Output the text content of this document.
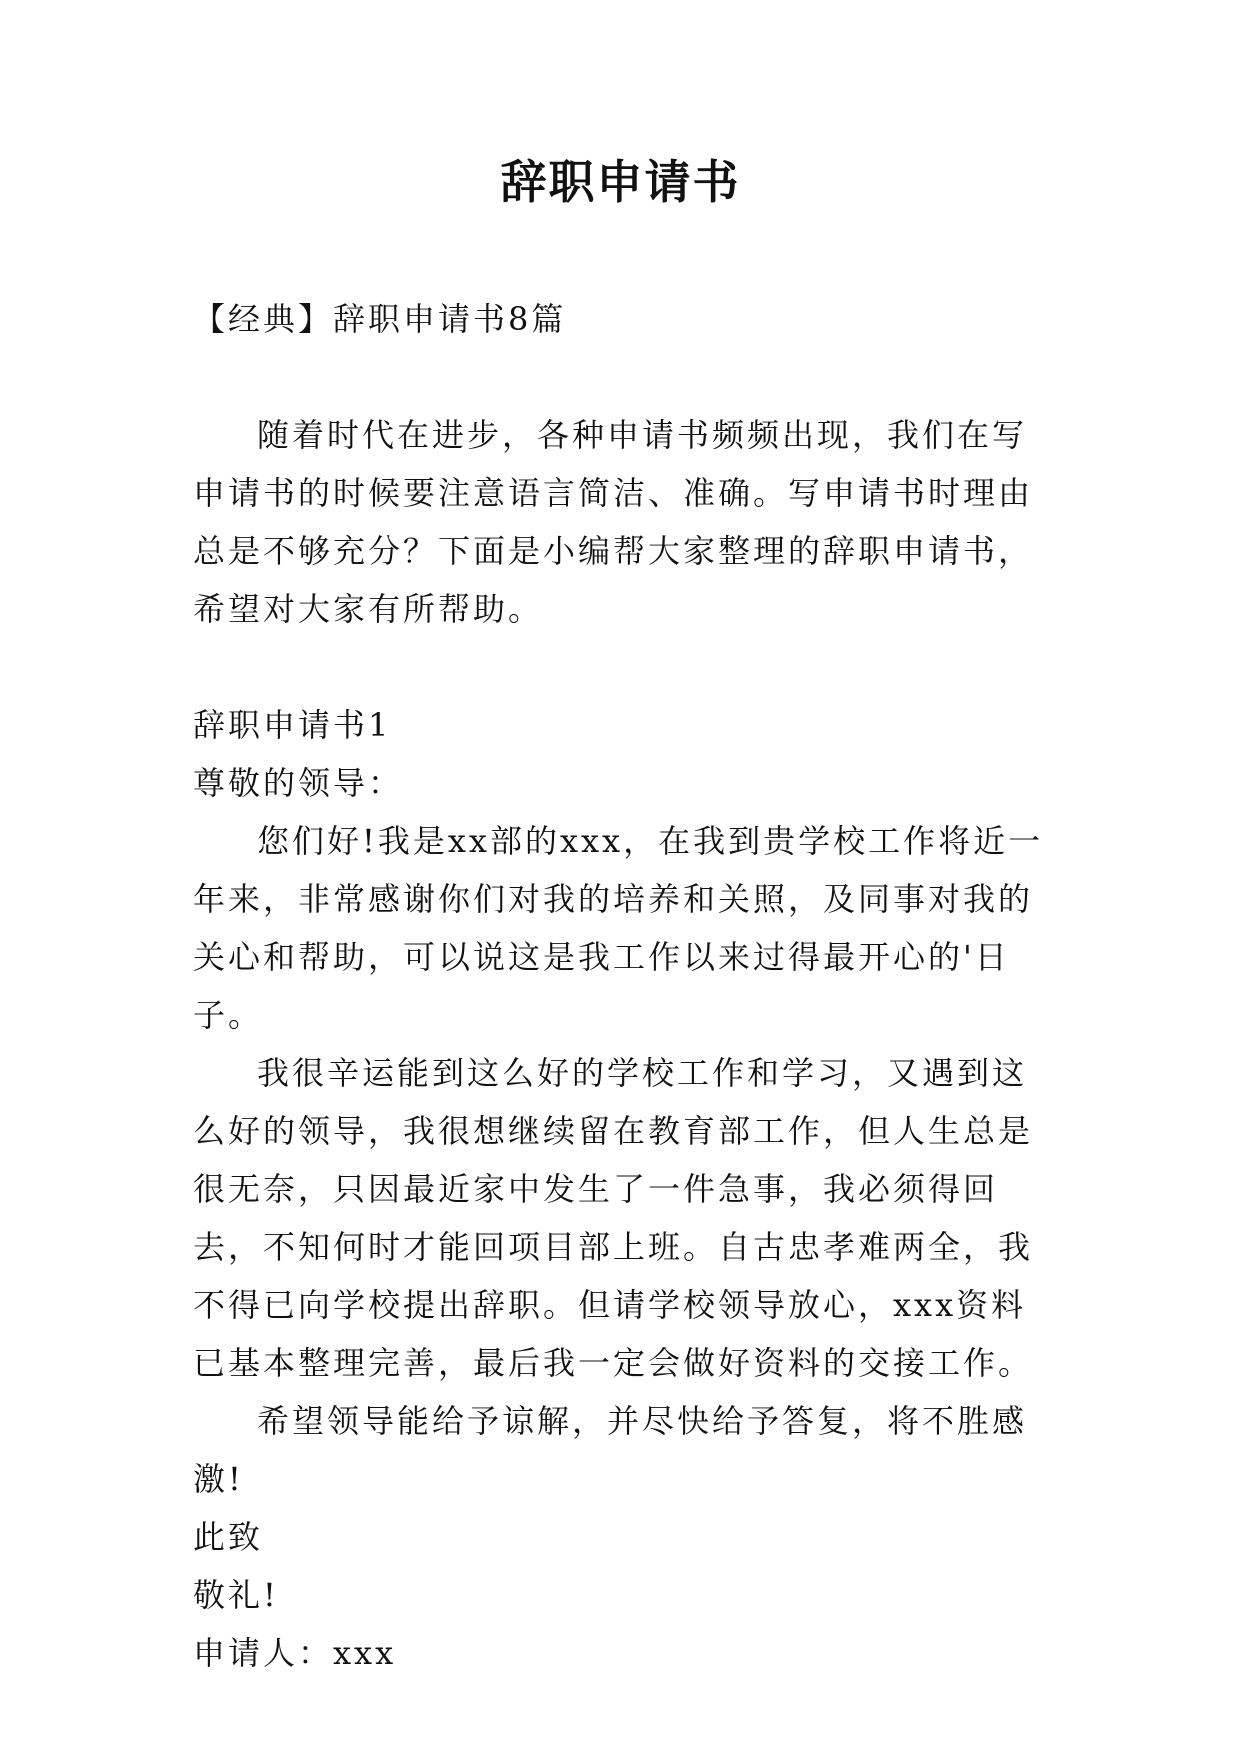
辞职申请书

【经典】辞职申请书8篇

随着时代在进步，各种申请书频频出现，我们在写申请书的时候要注意语言简洁、准确。写申请书时理由总是不够充分？下面是小编帮大家整理的辞职申请书，希望对大家有所帮助。

辞职申请书1

尊敬的领导：

您们好!我是xx部的xxx，在我到贵学校工作将近一年来，非常感谢你们对我的培养和关照，及同事对我的关心和帮助，可以说这是我工作以来过得最开心的'日子。

我很辛运能到这么好的学校工作和学习，又遇到这么好的领导，我很想继续留在教育部工作，但人生总是很无奈，只因最近家中发生了一件急事，我必须得回去，不知何时才能回项目部上班。自古忠孝难两全，我不得已向学校提出辞职。但请学校领导放心，xxx资料已基本整理完善，最后我一定会做好资料的交接工作。

希望领导能给予谅解，并尽快给予答复，将不胜感激!

此致

敬礼!

申请人：xxx
